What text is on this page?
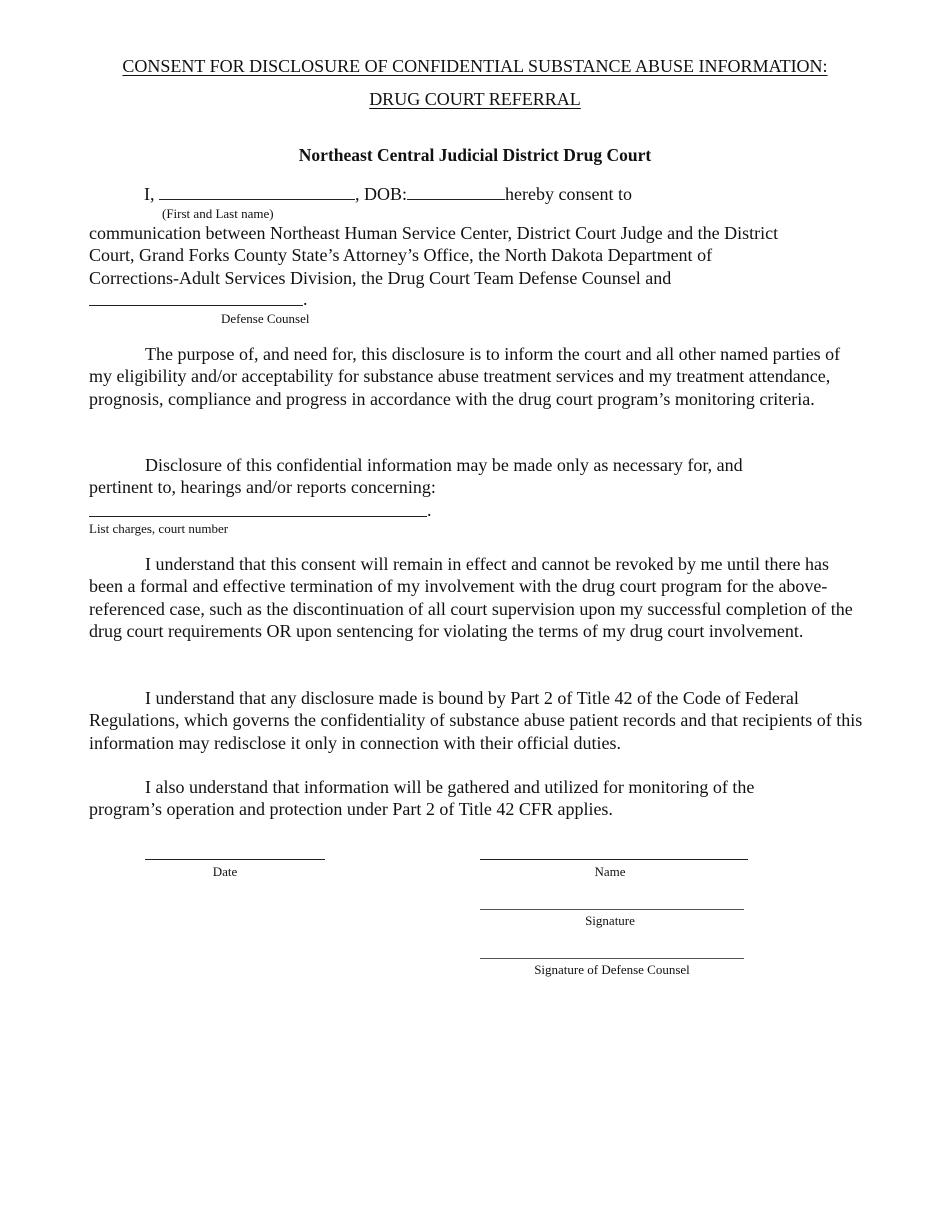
CONSENT FOR DISCLOSURE OF CONFIDENTIAL SUBSTANCE ABUSE INFORMATION:
DRUG COURT REFERRAL
Northeast Central Judicial District Drug Court
I,	, DOB:	hereby consent to
(First and Last name)
communication between Northeast Human Service Center, District Court Judge and the District
Court, Grand Forks County State’s Attorney’s Office, the North Dakota Department of
Corrections-Adult Services Division, the Drug Court Team Defense Counsel and
.
Defense Counsel
The purpose of, and need for, this disclosure is to inform the court and all other named parties of my eligibility and/or acceptability for substance abuse treatment services and my treatment attendance, prognosis, compliance and progress in accordance with the drug court program’s monitoring criteria.
Disclosure of this confidential information may be made only as necessary for, and pertinent to, hearings and/or reports concerning:
.
List charges, court number
I understand that this consent will remain in effect and cannot be revoked by me until there has been a formal and effective termination of my involvement with the drug court program for the above-referenced case, such as the discontinuation of all court supervision upon my successful completion of the drug court requirements OR upon sentencing for violating the terms of my drug court involvement.
I understand that any disclosure made is bound by Part 2 of Title 42 of the Code of Federal Regulations, which governs the confidentiality of substance abuse patient records and that recipients of this information may redisclose it only in connection with their official duties.
I also understand that information will be gathered and utilized for monitoring of the program’s operation and protection under Part 2 of Title 42 CFR applies.
Date	Name
Signature
Signature of Defense Counsel
